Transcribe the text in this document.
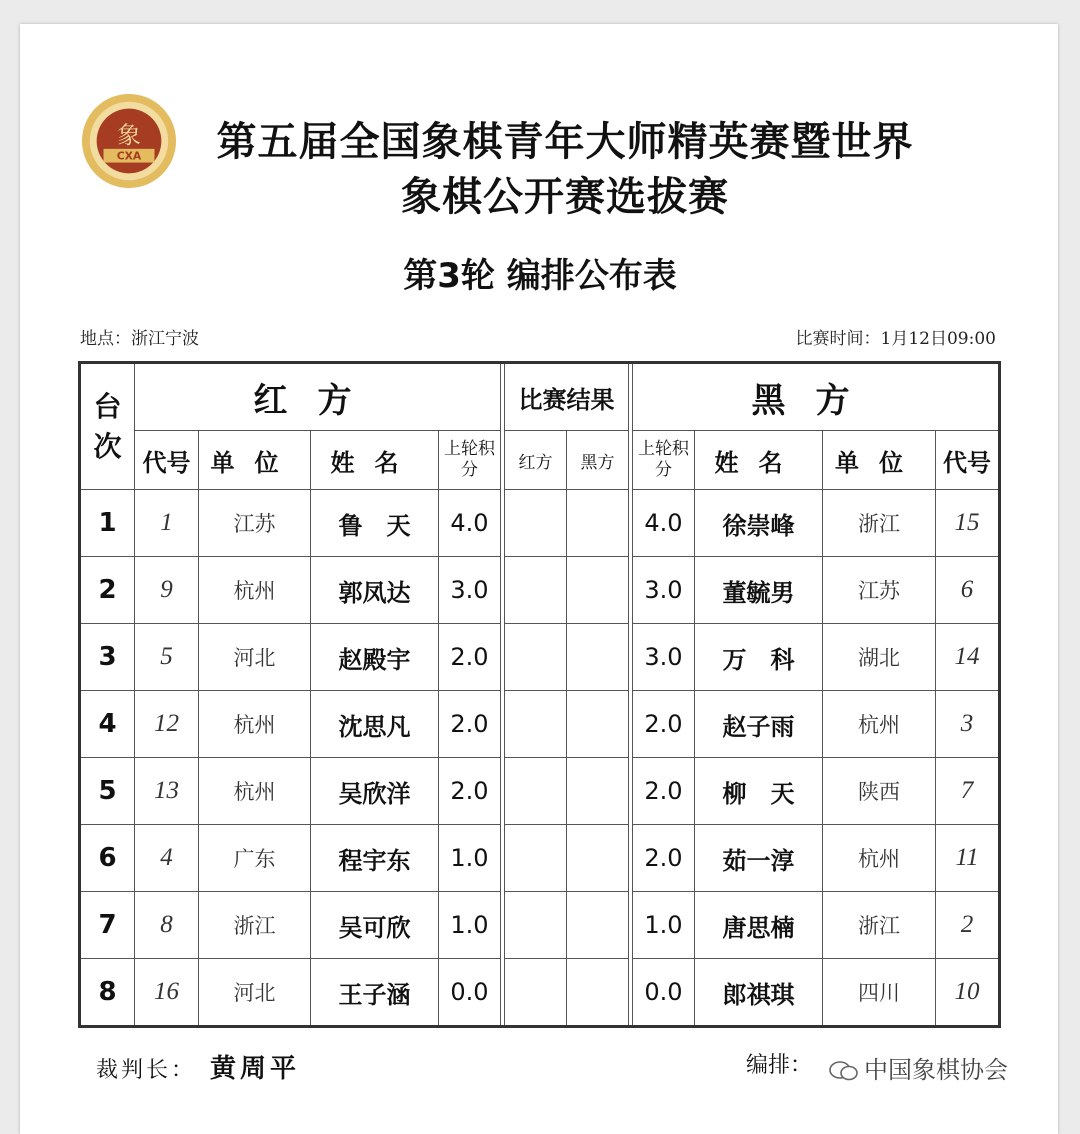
CXA
象	第五届全国象棋青年大师精英赛暨世界
象棋公开赛选拔赛
第3轮 编排公布表
地点：浙江宁波	比赛时间：1月12日09:00
台次	红方					比赛结果			黑方			
	代号	单位	姓名	上轮积分		红方	黑方		上轮积分	姓名	单位	代号
1	1	江苏	鲁　天	4.0					4.0	徐崇峰	浙江	15
2	9	杭州	郭凤达	3.0					3.0	董毓男	江苏	6
3	5	河北	赵殿宇	2.0					3.0	万　科	湖北	14
4	12	杭州	沈思凡	2.0					2.0	赵子雨	杭州	3
5	13	杭州	吴欣洋	2.0					2.0	柳　天	陕西	7
6	4	广东	程宇东	1.0					2.0	茹一淳	杭州	11
7	8	浙江	吴可欣	1.0					1.0	唐思楠	浙江	2
8	16	河北	王子涵	0.0					0.0	郎祺琪	四川	10
裁判长： 黄周平	编排：	中国象棋协会
